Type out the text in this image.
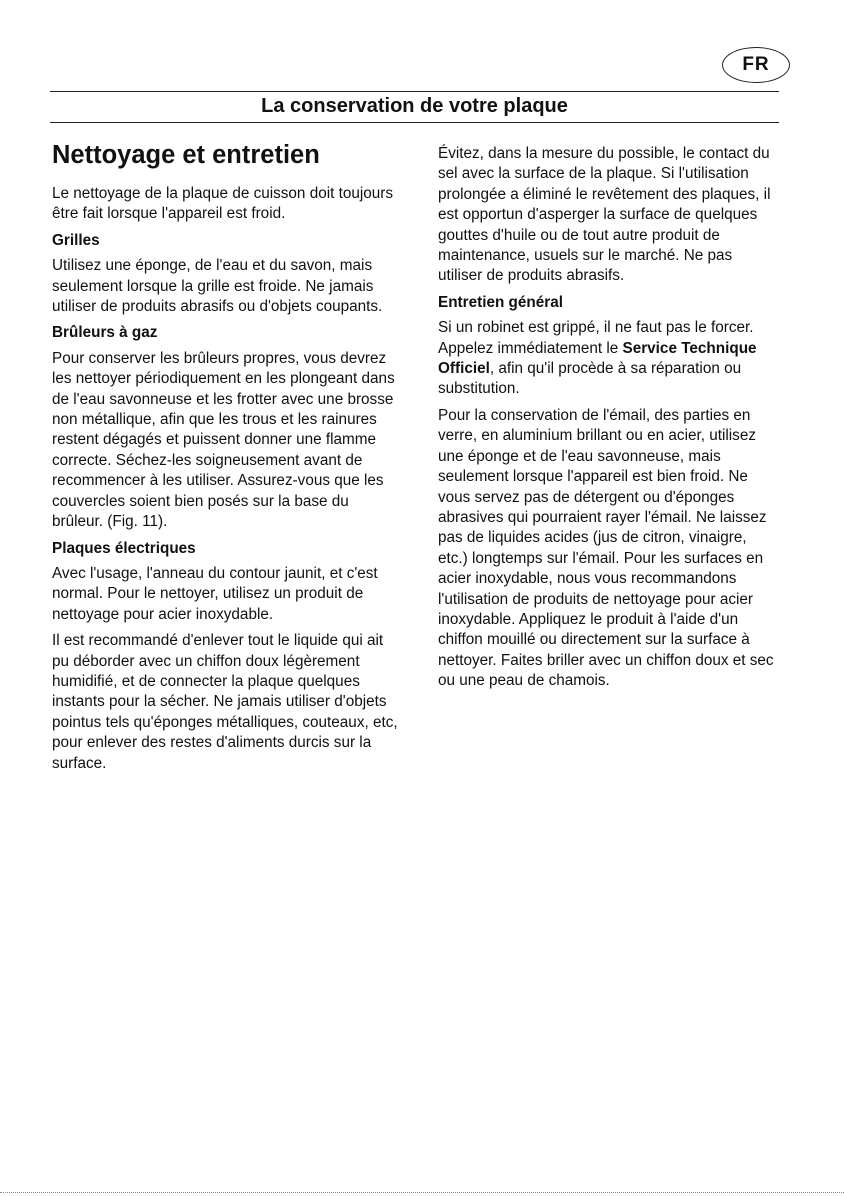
FR
La conservation de votre plaque
Nettoyage et entretien

Le nettoyage de la plaque de cuisson doit toujours être fait lorsque l'appareil est froid.

Grilles

Utilisez une éponge, de l'eau et du savon, mais seulement lorsque la grille est froide. Ne jamais utiliser de produits abrasifs ou d'objets coupants.

Brûleurs à gaz

Pour conserver les brûleurs propres, vous devrez les nettoyer périodiquement en les plongeant dans de l'eau savonneuse et les frotter avec une brosse non métallique, afin que les trous et les rainures restent dégagés et puissent donner une flamme correcte. Séchez-les soigneusement avant de recommencer à les utiliser. Assurez-vous que les couvercles soient bien posés sur la base du brûleur. (Fig. 11).

Plaques électriques

Avec l'usage, l'anneau du contour jaunit, et c'est normal. Pour le nettoyer, utilisez un produit de nettoyage pour acier inoxydable.

Il est recommandé d'enlever tout le liquide qui ait pu déborder avec un chiffon doux légèrement humidifié, et de connecter la plaque quelques instants pour la sécher. Ne jamais utiliser d'objets pointus tels qu'éponges métalliques, couteaux, etc, pour enlever des restes d'aliments durcis sur la surface.

Évitez, dans la mesure du possible, le contact du sel avec la surface de la plaque. Si l'utilisation prolongée a éliminé le revêtement des plaques, il est opportun d'asperger la surface de quelques gouttes d'huile ou de tout autre produit de maintenance, usuels sur le marché. Ne pas utiliser de produits abrasifs.

Entretien général

Si un robinet est grippé, il ne faut pas le forcer. Appelez immédiatement le Service Technique Officiel, afin qu'il procède à sa réparation ou substitution.

Pour la conservation de l'émail, des parties en verre, en aluminium brillant ou en acier, utilisez une éponge et de l'eau savonneuse, mais seulement lorsque l'appareil est bien froid. Ne vous servez pas de détergent ou d'éponges abrasives qui pourraient rayer l'émail. Ne laissez pas de liquides acides (jus de citron, vinaigre, etc.) longtemps sur l'émail. Pour les surfaces en acier inoxydable, nous vous recommandons l'utilisation de produits de nettoyage pour acier inoxydable. Appliquez le produit à l'aide d'un chiffon mouillé ou directement sur la surface à nettoyer. Faites briller avec un chiffon doux et sec ou une peau de chamois.
